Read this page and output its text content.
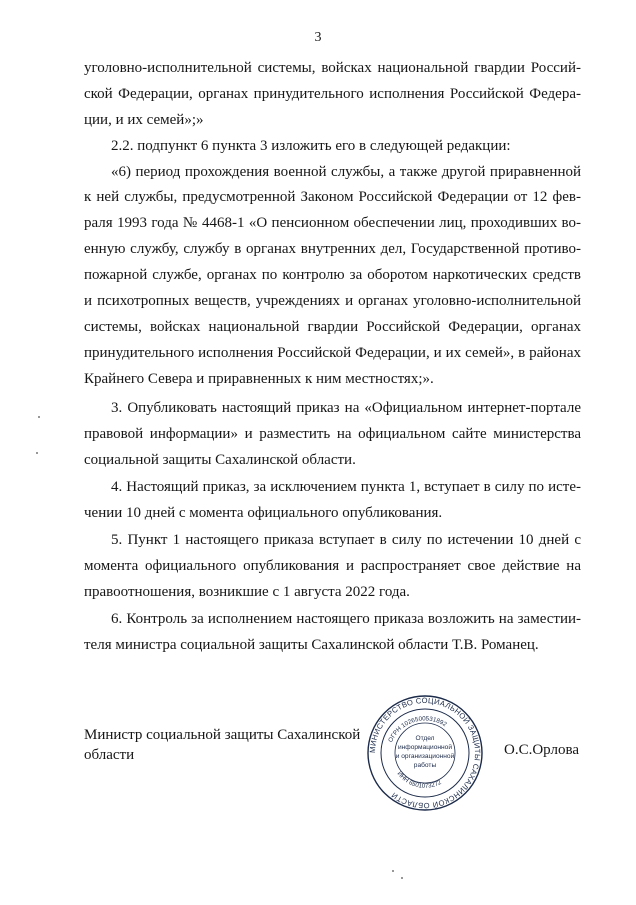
3
уголовно-исполнительной системы, войсках национальной гвардии Россий-
ской Федерации, органах принудительного исполнения Российской Федера-
ции, и их семей»;»
2.2. подпункт 6 пункта 3 изложить его в следующей редакции:
«6) период прохождения военной службы, а также другой приравненной
к ней службы, предусмотренной Законом Российской Федерации от 12 фев-
раля 1993 года № 4468-1 «О пенсионном обеспечении лиц, проходивших во-
енную службу, службу в органах внутренних дел, Государственной противо-
пожарной службе, органах по контролю за оборотом наркотических средств
и психотропных веществ, учреждениях и органах уголовно-исполнительной
системы, войсках национальной гвардии Российской Федерации, органах
принудительного исполнения Российской Федерации, и их семей», в районах
Крайнего Севера и приравненных к ним местностях;».
3. Опубликовать настоящий приказ на «Официальном интернет-портале
правовой информации» и разместить на официальном сайте министерства
социальной защиты Сахалинской области.
4. Настоящий приказ, за исключением пункта 1, вступает в силу по исте-
чении 10 дней с момента официального опубликования.
5. Пункт 1 настоящего приказа вступает в силу по истечении 10 дней с
момента официального опубликования и распространяет свое действие на
правоотношения, возникшие с 1 августа 2022 года.
6. Контроль за исполнением настоящего приказа возложить на заместии-
теля министра социальной защиты Сахалинской области Т.В. Романец.
Министр социальной защиты Сахалинской
области	О.С.Орлова
МИНИСТЕРСТВО СОЦИАЛЬНОЙ ЗАЩИТЫ САХАЛИНСКОЙ ОБЛАСТИ
ОГРН 1026500531892
ИНН 6501073272
Отдел
информационной
и организационной
работы
